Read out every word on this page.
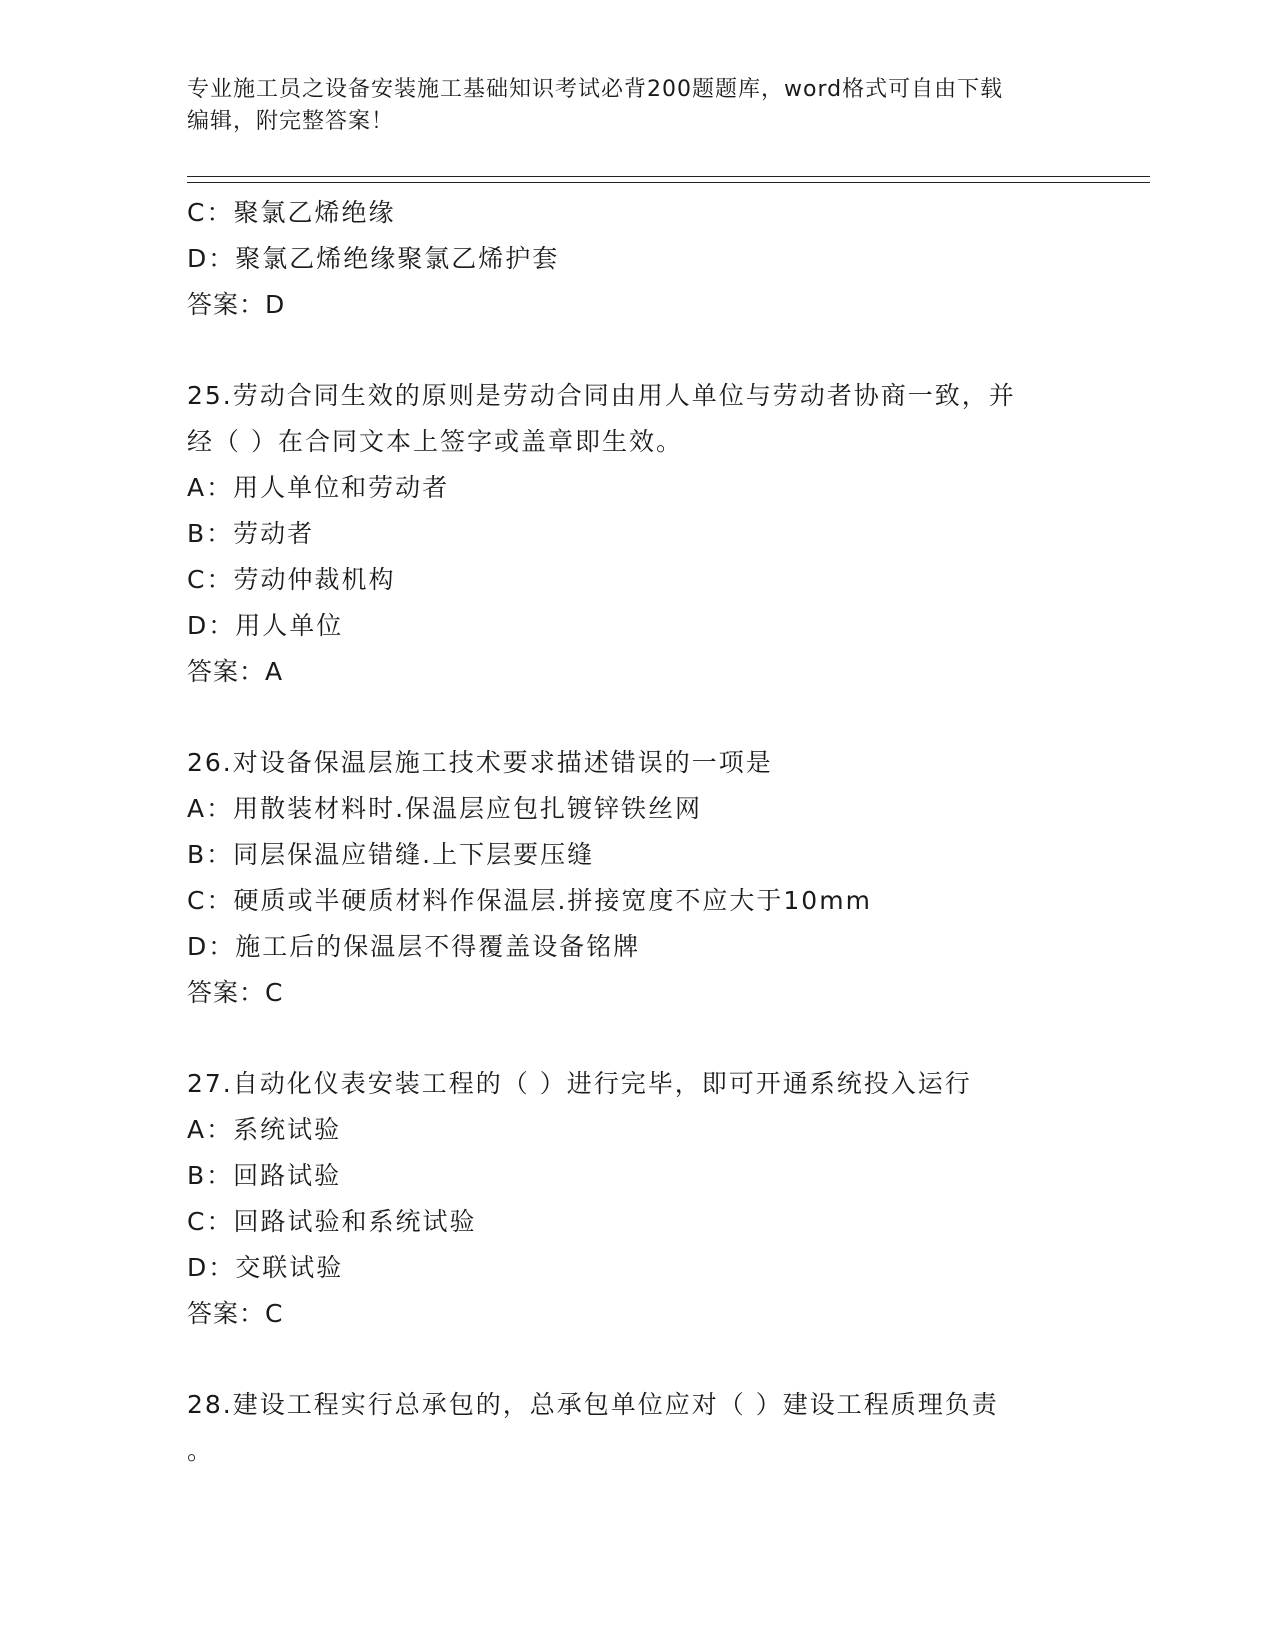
专业施工员之设备安装施工基础知识考试必背200题题库，word格式可自由下载
编辑，附完整答案！
C：聚氯乙烯绝缘
D：聚氯乙烯绝缘聚氯乙烯护套
答案：D
25.劳动合同生效的原则是劳动合同由用人单位与劳动者协商一致，并
经（ ）在合同文本上签字或盖章即生效。
A：用人单位和劳动者
B：劳动者
C：劳动仲裁机构
D：用人单位
答案：A
26.对设备保温层施工技术要求描述错误的一项是
A：用散装材料时.保温层应包扎镀锌铁丝网
B：同层保温应错缝.上下层要压缝
C：硬质或半硬质材料作保温层.拼接宽度不应大于10mm
D：施工后的保温层不得覆盖设备铭牌
答案：C
27.自动化仪表安装工程的（ ）进行完毕，即可开通系统投入运行
A：系统试验
B：回路试验
C：回路试验和系统试验
D：交联试验
答案：C
28.建设工程实行总承包的，总承包单位应对（ ）建设工程质理负责
。
